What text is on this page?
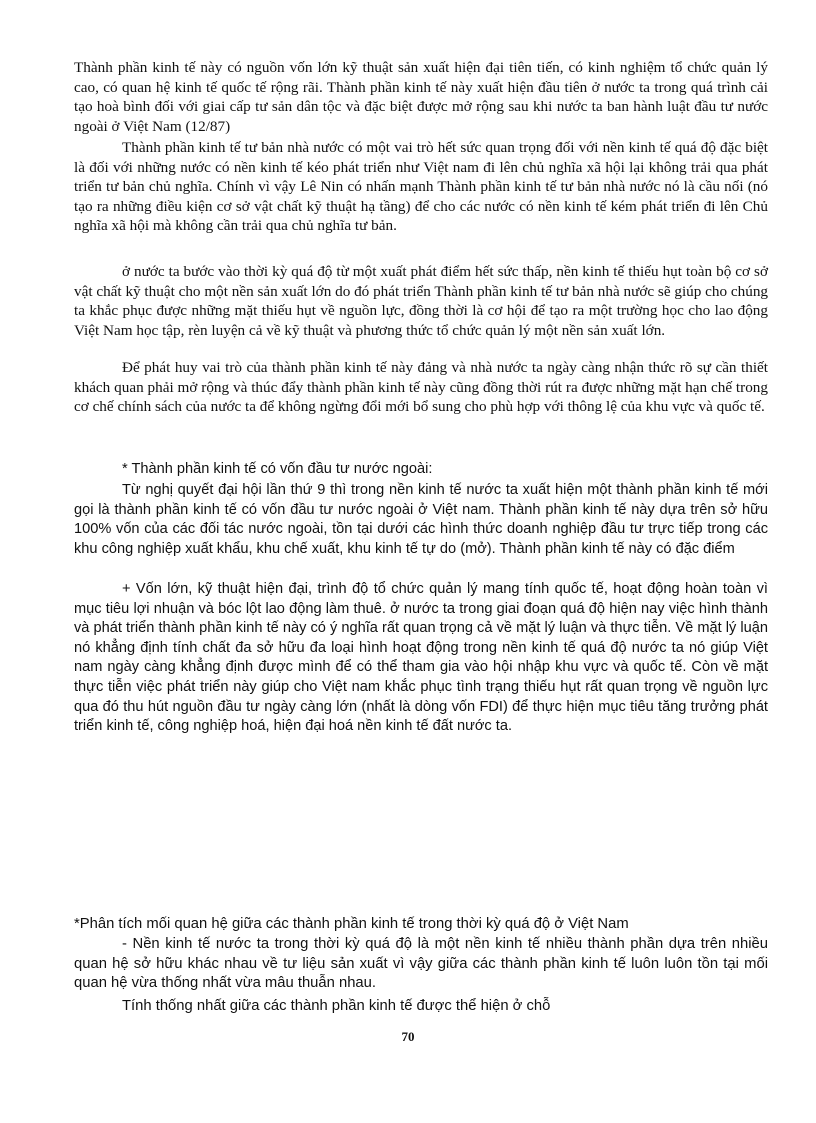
Thành phần kinh tế này có nguồn vốn lớn kỹ thuật sản xuất hiện đại tiên tiến, có kinh nghiệm tổ chức quản lý cao, có quan hệ kinh tế quốc tế rộng rãi. Thành phần kinh tế này xuất hiện đầu tiên ở nước ta trong quá trình cải tạo hoà bình đối với giai cấp tư sản dân tộc và đặc biệt được mở rộng sau khi nước ta ban hành luật đầu tư nước ngoài ở Việt Nam (12/87)

Thành phần kinh tế tư bản nhà nước có một vai trò hết sức quan trọng đối với nền kinh tế quá độ đặc biệt là đối với những nước có nền kinh tế kéo phát triển như Việt nam đi lên chủ nghĩa xã hội lại không trải qua phát triển tư bản chủ nghĩa. Chính vì vậy Lê Nin có nhấn mạnh Thành phần kinh tế tư bản nhà nước nó là cầu nối (nó tạo ra những điều kiện cơ sở vật chất kỹ thuật hạ tầng) để cho các nước có nền kinh tế kém phát triển đi lên Chủ nghĩa xã hội mà không cần trải qua chủ nghĩa tư bản.

ở nước ta bước vào thời kỳ quá độ từ một xuất phát điểm hết sức thấp, nền kinh tế thiếu hụt toàn bộ cơ sở vật chất kỹ thuật cho một nền sản xuất lớn do đó phát triển Thành phần kinh tế tư bản nhà nước sẽ giúp cho chúng ta khắc phục được những mặt thiếu hụt về nguồn lực, đồng thời là cơ hội để tạo ra một trường học cho lao động Việt Nam học tập, rèn luyện cả về kỹ thuật và phương thức tổ chức quản lý một nền sản xuất lớn.

Để phát huy vai trò của thành phần kinh tế này đảng và nhà nước ta ngày càng nhận thức rõ sự cần thiết khách quan phải mở rộng và thúc đẩy thành phần kinh tế này cũng đồng thời rút ra được những mặt hạn chế trong cơ chế chính sách của nước ta để không ngừng đổi mới bổ sung cho phù hợp với thông lệ của khu vực và quốc tế.

* Thành phần kinh tế có vốn đầu tư nước ngoài:

Từ nghị quyết đại hội lần thứ 9 thì trong nền kinh tế nước ta xuất hiện một thành phần kinh tế mới gọi là thành phần kinh tế có vốn đầu tư nước ngoài ở Việt nam. Thành phần kinh tế này dựa trên sở hữu 100% vốn của các đối tác nước ngoài, tồn tại dưới các hình thức doanh nghiệp đầu tư trực tiếp trong các khu công nghiệp xuất khẩu, khu chế xuất, khu kinh tế tự do (mở). Thành phần kinh tế này có đặc điểm

+ Vốn lớn, kỹ thuật hiện đại, trình độ tổ chức quản lý mang tính quốc tế, hoạt động hoàn toàn vì mục tiêu lợi nhuận và bóc lột lao động làm thuê. ở nước ta trong giai đoạn quá độ hiện nay việc hình thành và phát triển thành phần kinh tế này có ý nghĩa rất quan trọng cả về mặt lý luận và thực tiễn. Về mặt lý luận nó khẳng định tính chất đa sở hữu đa loại hình hoạt động trong nền kinh tế quá độ nước ta nó giúp Việt nam ngày càng khẳng định được mình để có thể tham gia vào hội nhập khu vực và quốc tế. Còn về mặt thực tiễn việc phát triển này giúp cho Việt nam khắc phục tình trạng thiếu hụt rất quan trọng về nguồn lực qua đó thu hút nguồn đầu tư ngày càng lớn (nhất là dòng vốn FDI) để thực hiện mục tiêu tăng trưởng phát triển kinh tế, công nghiệp hoá, hiện đại hoá nền kinh tế đất nước ta.

*Phân tích mối quan hệ giữa các thành phần kinh tế trong thời kỳ quá độ ở Việt Nam

- Nền kinh tế nước ta trong thời kỳ quá độ là một nền kinh tế nhiều thành phần dựa trên nhiều quan hệ sở hữu khác nhau về tư liệu sản xuất vì vậy giữa các thành phần kinh tế luôn luôn tồn tại mối quan hệ vừa thống nhất vừa mâu thuẫn nhau.

Tính thống nhất giữa các thành phần kinh tế được thể hiện ở chỗ

70
